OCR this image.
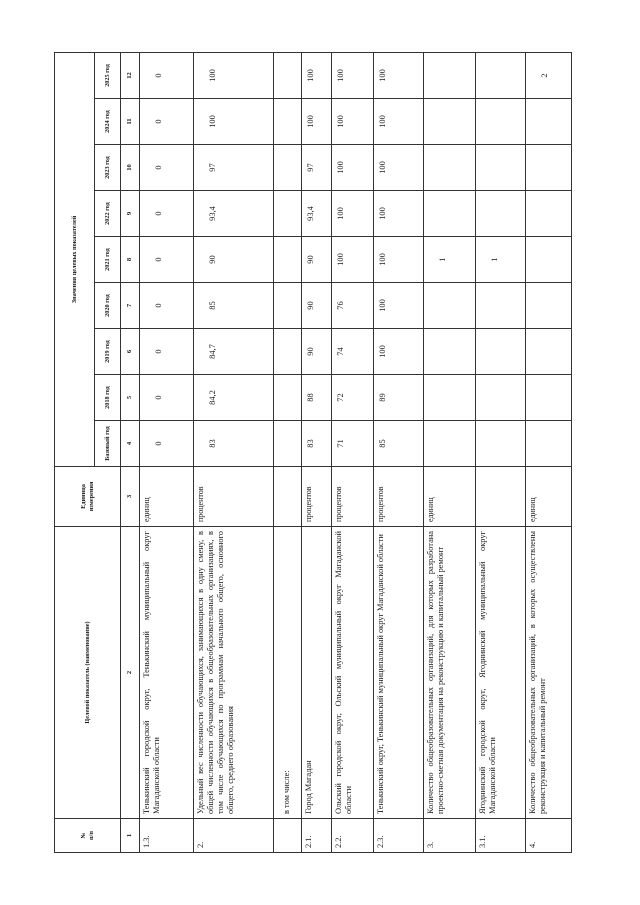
№
п/п	Целевой показатель (наименование)	Единица измерения	Значения целевых показателей								
			Базовый год	2018 год	2019 год	2020 год	2021 год	2022 год	2023 год	2024 год	2025 год
1	2	3	4	5	6	7	8	9	10	11	12
1.3.	Тенькинский городской округ, Тенькинский муниципальный округ Магаданской области	единиц	0	0	0	0	0	0	0	0	0
2.	Удельный вес численности обучающихся, занимающихся в одну смену, в общей численности обучающихся в общеобразовательных организациях, в том числе обучающихся по программам начального общего, основного общего, среднего образования	процентов	83	84,2	84,7	85	90	93,4	97	100	100
	в том числе:										
2.1.	Город Магадан	процентов	83	88	90	90	90	93,4	97	100	100
2.2.	Ольский городской округ, Ольский муниципальный округ Магаданской области	процентов	71	72	74	76	100	100	100	100	100
2.3.	Тенькинский округ, Тенькинский муниципальный округ Магаданской области	процентов	85	89	100	100	100	100	100	100	100
3.	Количество общеобразовательных организаций, для которых разработана проектно-сметная документация на реконструкцию и капитальный ремонт	единиц					1				
3.1.	Ягоднинский городской округ, Ягоднинский муниципальный округ Магаданской области						1				
4.	Количество общеобразовательных организаций, в которых осуществлены реконструкция и капитальный ремонт	единиц									2
